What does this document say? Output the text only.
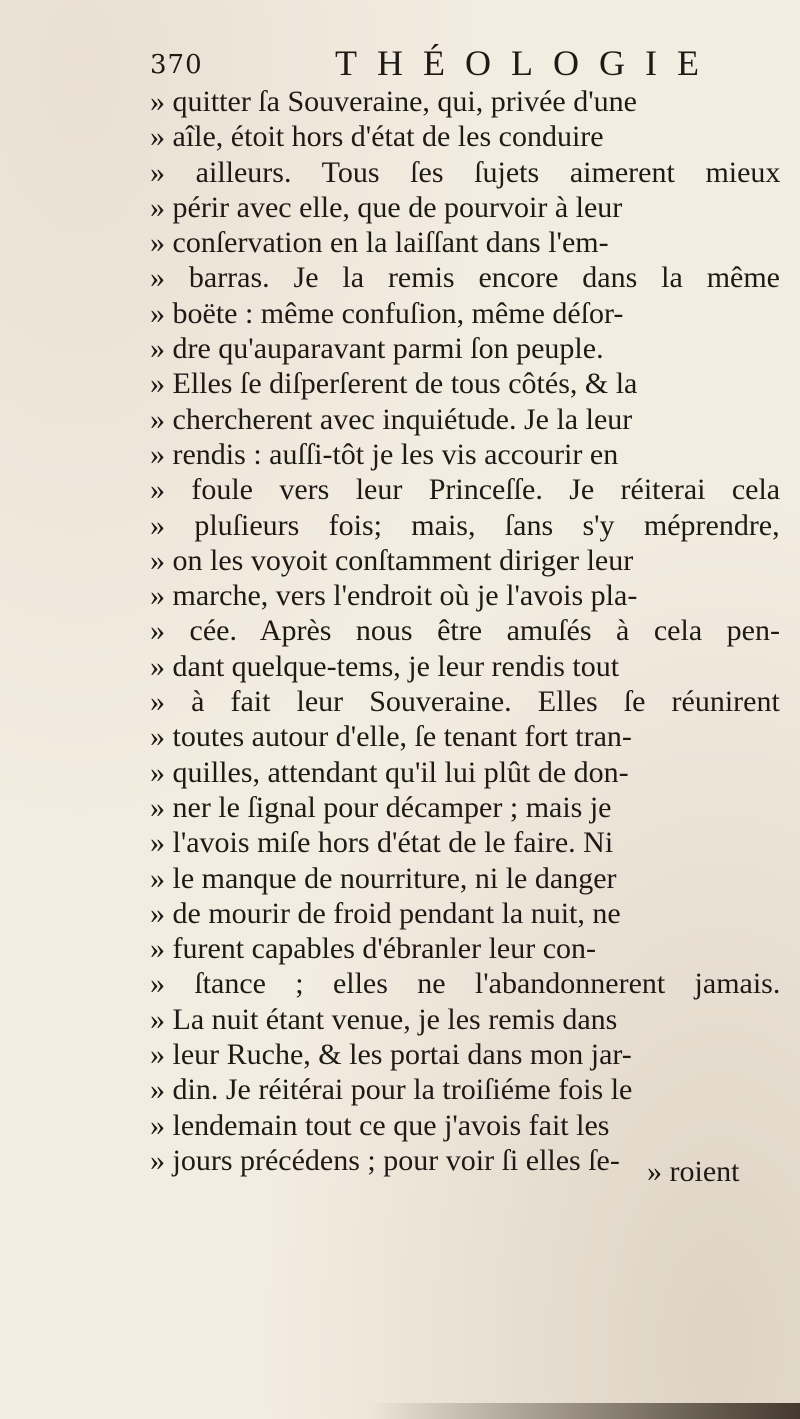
370	THÉOLOGIE
» quitter ſa Souveraine, qui, privée d'une
» aîle, étoit hors d'état de les conduire
» ailleurs. Tous ſes ſujets aimerent mieux
» périr avec elle, que de pourvoir à leur
» conſervation en la laiſſant dans l'em-
» barras. Je la remis encore dans la même
» boëte : même confuſion, même déſor-
» dre qu'auparavant parmi ſon peuple.
» Elles ſe diſperſerent de tous côtés, & la
» chercherent avec inquiétude. Je la leur
» rendis : auſſi-tôt je les vis accourir en
» foule vers leur Princeſſe. Je réiterai cela
» pluſieurs fois; mais, ſans s'y méprendre,
» on les voyoit conſtamment diriger leur
» marche, vers l'endroit où je l'avois pla-
» cée. Après nous être amuſés à cela pen-
» dant quelque-tems, je leur rendis tout
» à fait leur Souveraine. Elles ſe réunirent
» toutes autour d'elle, ſe tenant fort tran-
» quilles, attendant qu'il lui plût de don-
» ner le ſignal pour décamper ; mais je
» l'avois miſe hors d'état de le faire. Ni
» le manque de nourriture, ni le danger
» de mourir de froid pendant la nuit, ne
» furent capables d'ébranler leur con-
» ſtance ; elles ne l'abandonnerent jamais.
» La nuit étant venue, je les remis dans
» leur Ruche, & les portai dans mon jar-
» din. Je réitérai pour la troiſiéme fois le
» lendemain tout ce que j'avois fait les
» jours précédens ; pour voir ſi elles ſe- » roient
